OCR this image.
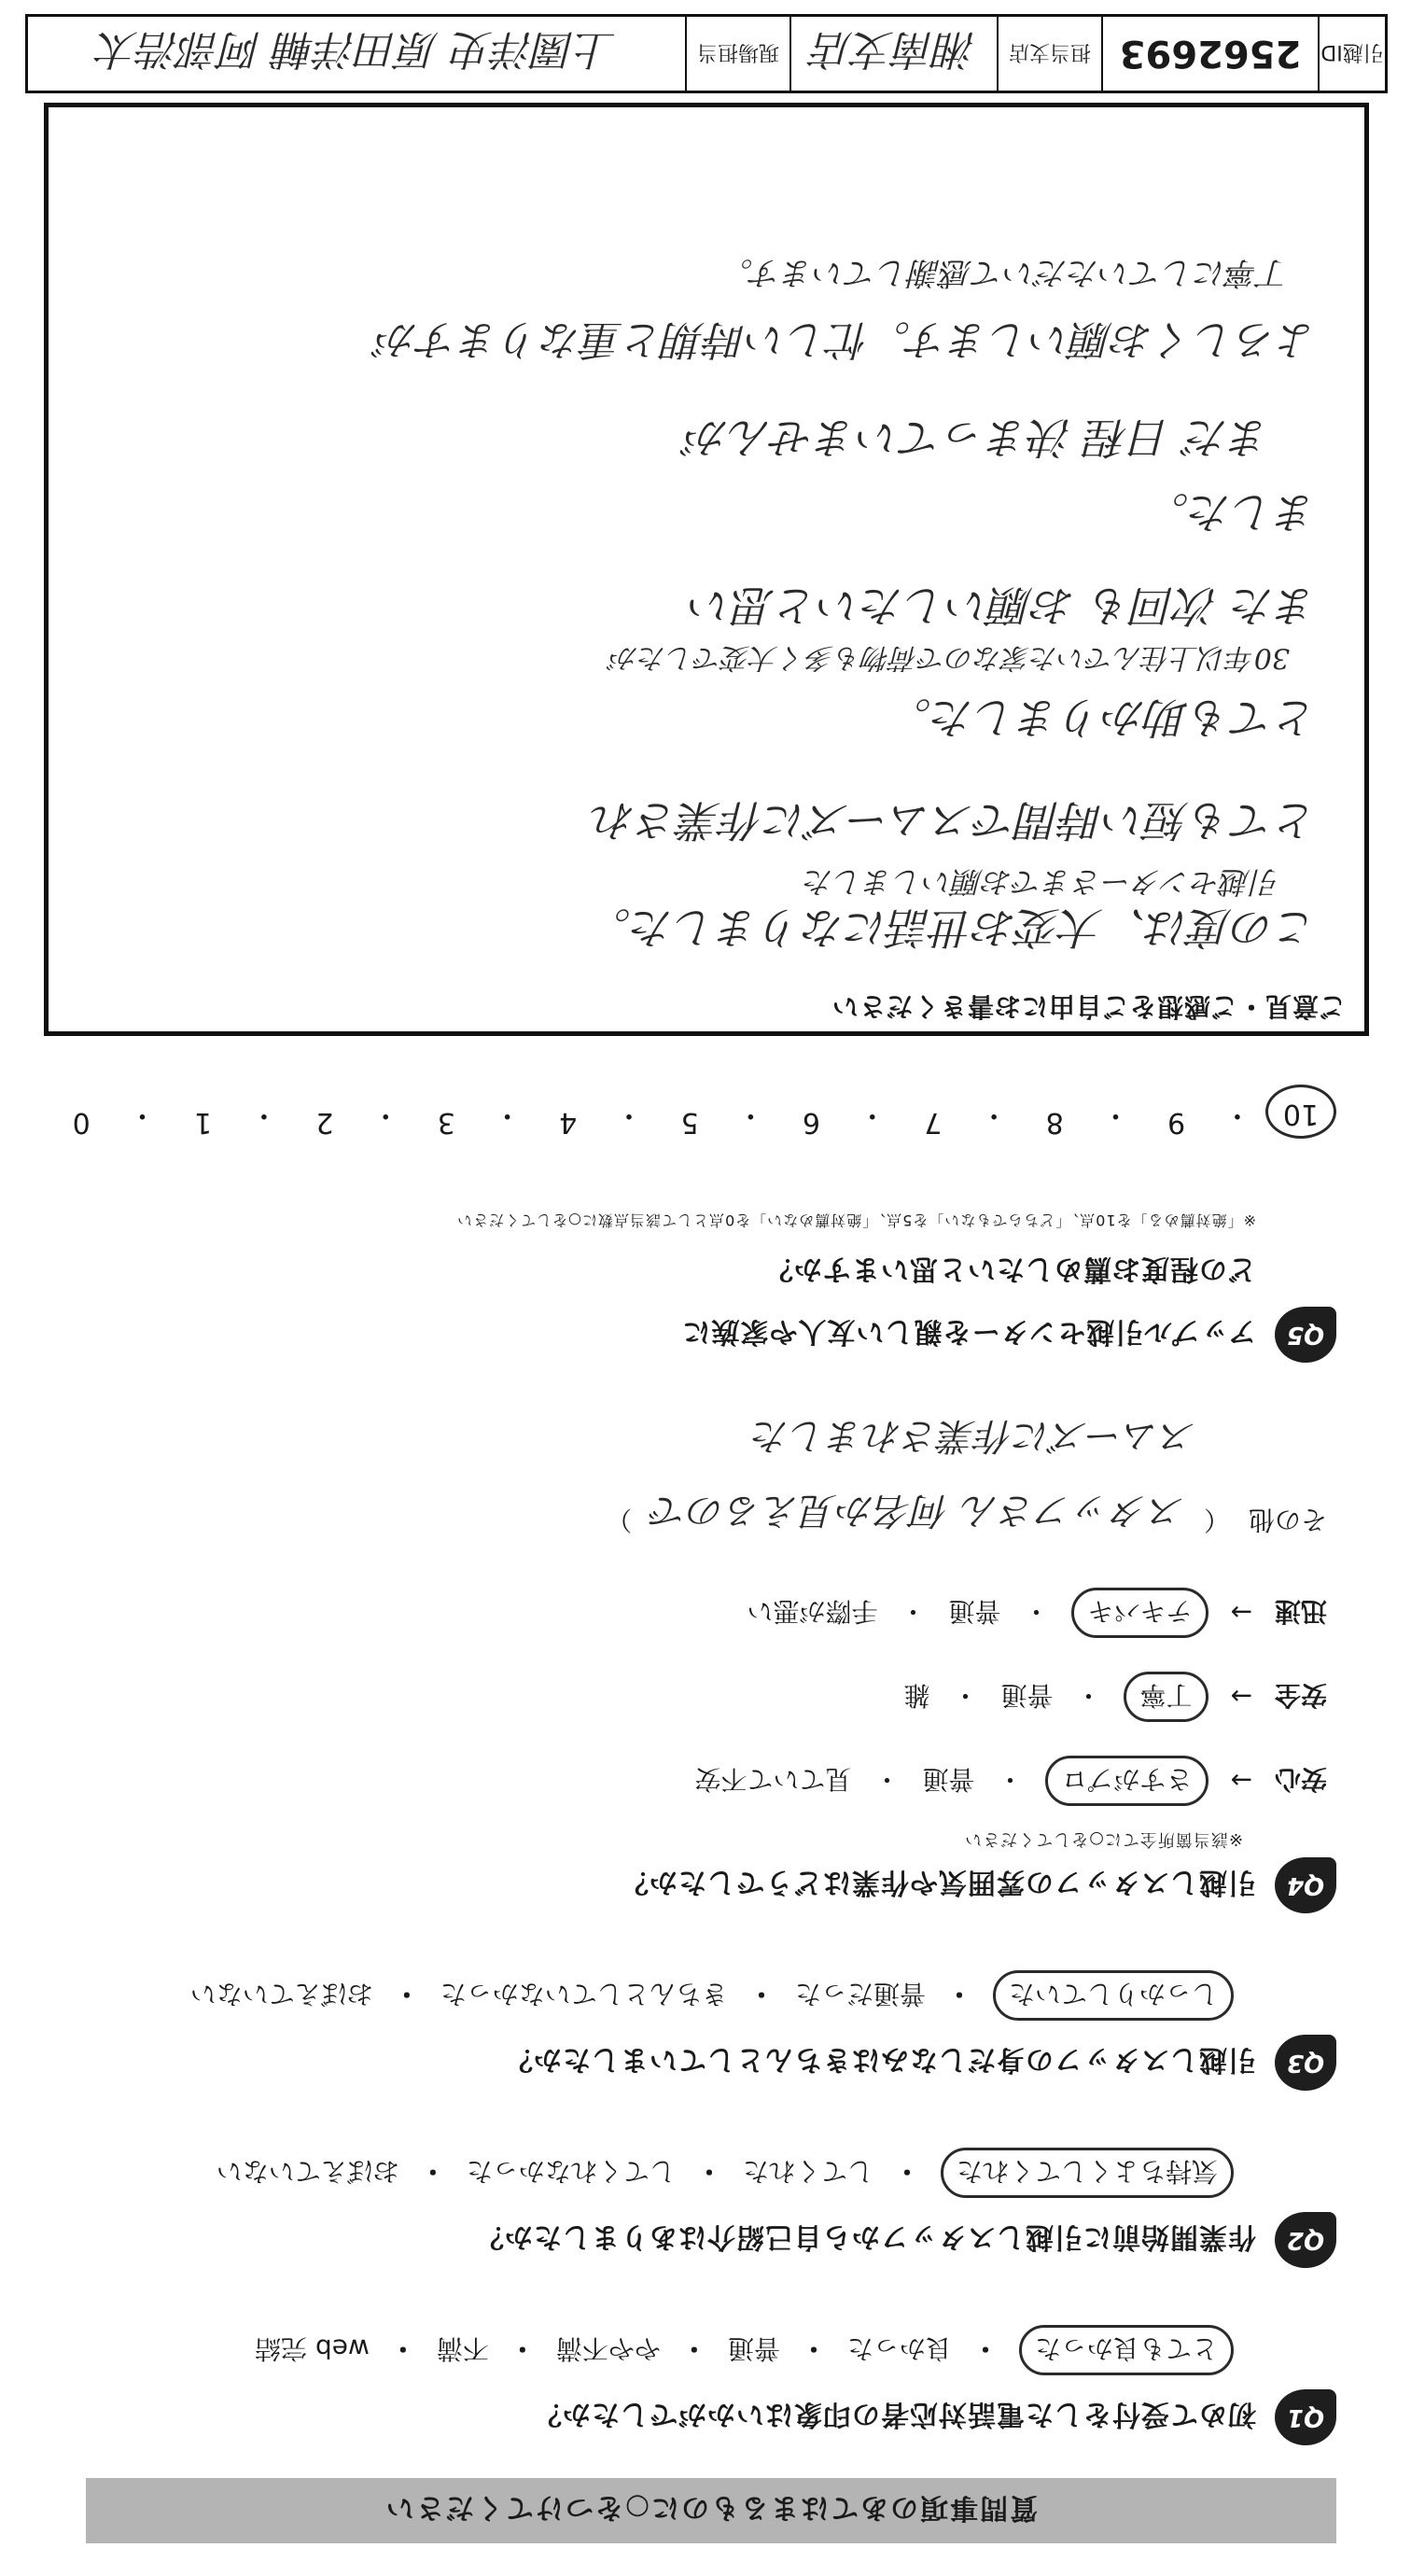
質問事項のあてはまるものに○をつけてください
Q1
初めて受付をした電話対応者の印象はいかがでしたか？
とても良かった
・
良かった
・
普通
・
やや不満
・
不満
・
web 完結
Q2
作業開始前に引越しスタッフから自己紹介はありましたか？
気持ちよくしてくれた
・
してくれた
・
してくれなかった
・
おぼえていない
Q3
引越しスタッフの身だしなみはきちんとしていましたか？
しっかりしていた
・
普通だった
・
きちんとしていなかった
・
おぼえていない
Q4
引越しスタッフの雰囲気や作業はどうでしたか？
※該当箇所全てに○をしてください
安心
→
さすがプロ
・
普通
・
見ていて不安
安全
→
丁寧
・
普通
・
雑
迅速
→
テキパキ
・
普通
・
手際が悪い
その他
（
スタッフさん 何名か見えるので
）
スムーズに作業されました
Q5
アップル引越センターを親しい友人や家族に
どの程度お薦めしたいと思いますか？
※「絶対薦める」を10点、「どちらでもない」を5点、「絶対薦めない」を0点として該当点数に○をしてください
10
・
9
・
8
・
7
・
6
・
5
・
4
・
3
・
2
・
1
・
0
ご意見・ご感想をご自由にお書きください
この度は、大変お世話になりました。
引越センターさまでお願いしました
とても短い時間でスムーズに作業され
とても助かりました。
30年以上住んでいた家なので荷物も多く大変でしたが
また 次回も お願いしたいと思い
ました。
まだ 日程 決まっていませんが
よろしくお願いします。忙しい時期と重なりますが
丁寧にしていただいて感謝しています。
引越ID
2562693
担当支店
湘南支店
現場担当
上園洋史 原田洋輔 阿部浩太
